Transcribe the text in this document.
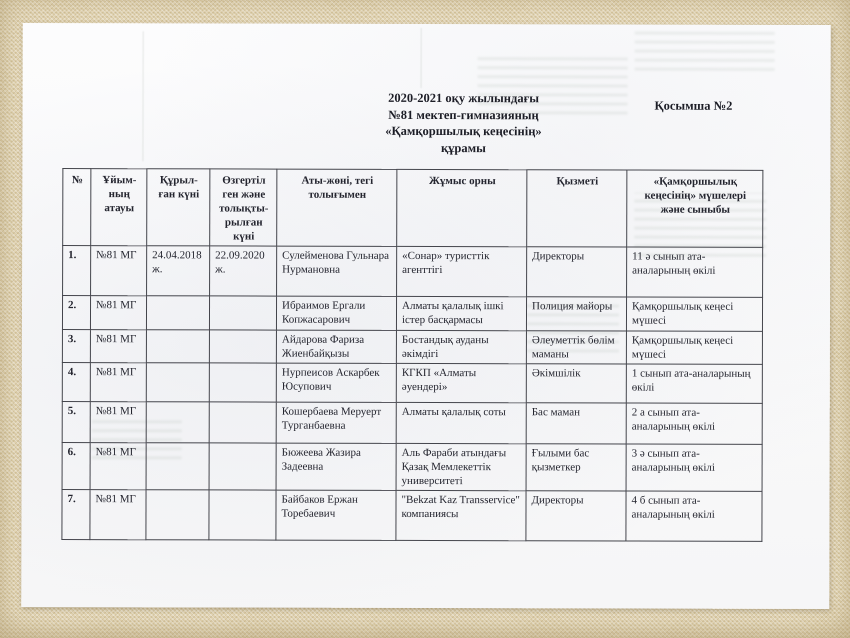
2020-2021 оқу жылындағы
№81 мектеп-гимназияның
«Қамқоршылық кеңесінің»
құрамы
Қосымша №2
№	Ұйым-ның атауы	Құрыл-ған күні	Өзгертіл ген және толықты-рылған күні	Аты-жөні, тегі толығымен	Жұмыс орны	Қызметі	«Қамқоршылық кеңесінің» мүшелері және сыныбы
1.	№81 МГ	24.04.2018ж.	22.09.2020ж.	Сулейменова Гульнара Нурмановна	«Сонар» туристтік агенттігі	Директоры	11 ә сынып ата-аналарының өкілі
2.	№81 МГ			Ибраимов Ергали Копжасарович	Алматы қалалық ішкі істер басқармасы	Полиция майоры	Қамқоршылық кеңесі мүшесі
3.	№81 МГ			Айдарова Фариза Жиенбайқызы	Бостандық ауданы әкімдігі	Әлеуметтік бөлім маманы	Қамқоршылық кеңесі мүшесі
4.	№81 МГ			Нурпеисов Аскарбек Юсупович	КГКП «Алматы әуендері»	Әкімшілік	1 сынып ата-аналарының өкілі
5.	№81 МГ			Кошербаева Меруерт Турганбаевна	Алматы қалалық соты	Бас маман	2 а сынып ата-аналарының өкілі
6.	№81 МГ			Бюжеева Жазира Задеевна	Аль Фараби атындағы Қазақ Мемлекеттік университеті	Ғылыми бас қызметкер	3 ә сынып ата-аналарының өкілі
7.	№81 МГ			Байбаков Ержан Торебаевич	"Bekzat Kaz Transservice" компаниясы	Директоры	4 б сынып ата-аналарының өкілі
